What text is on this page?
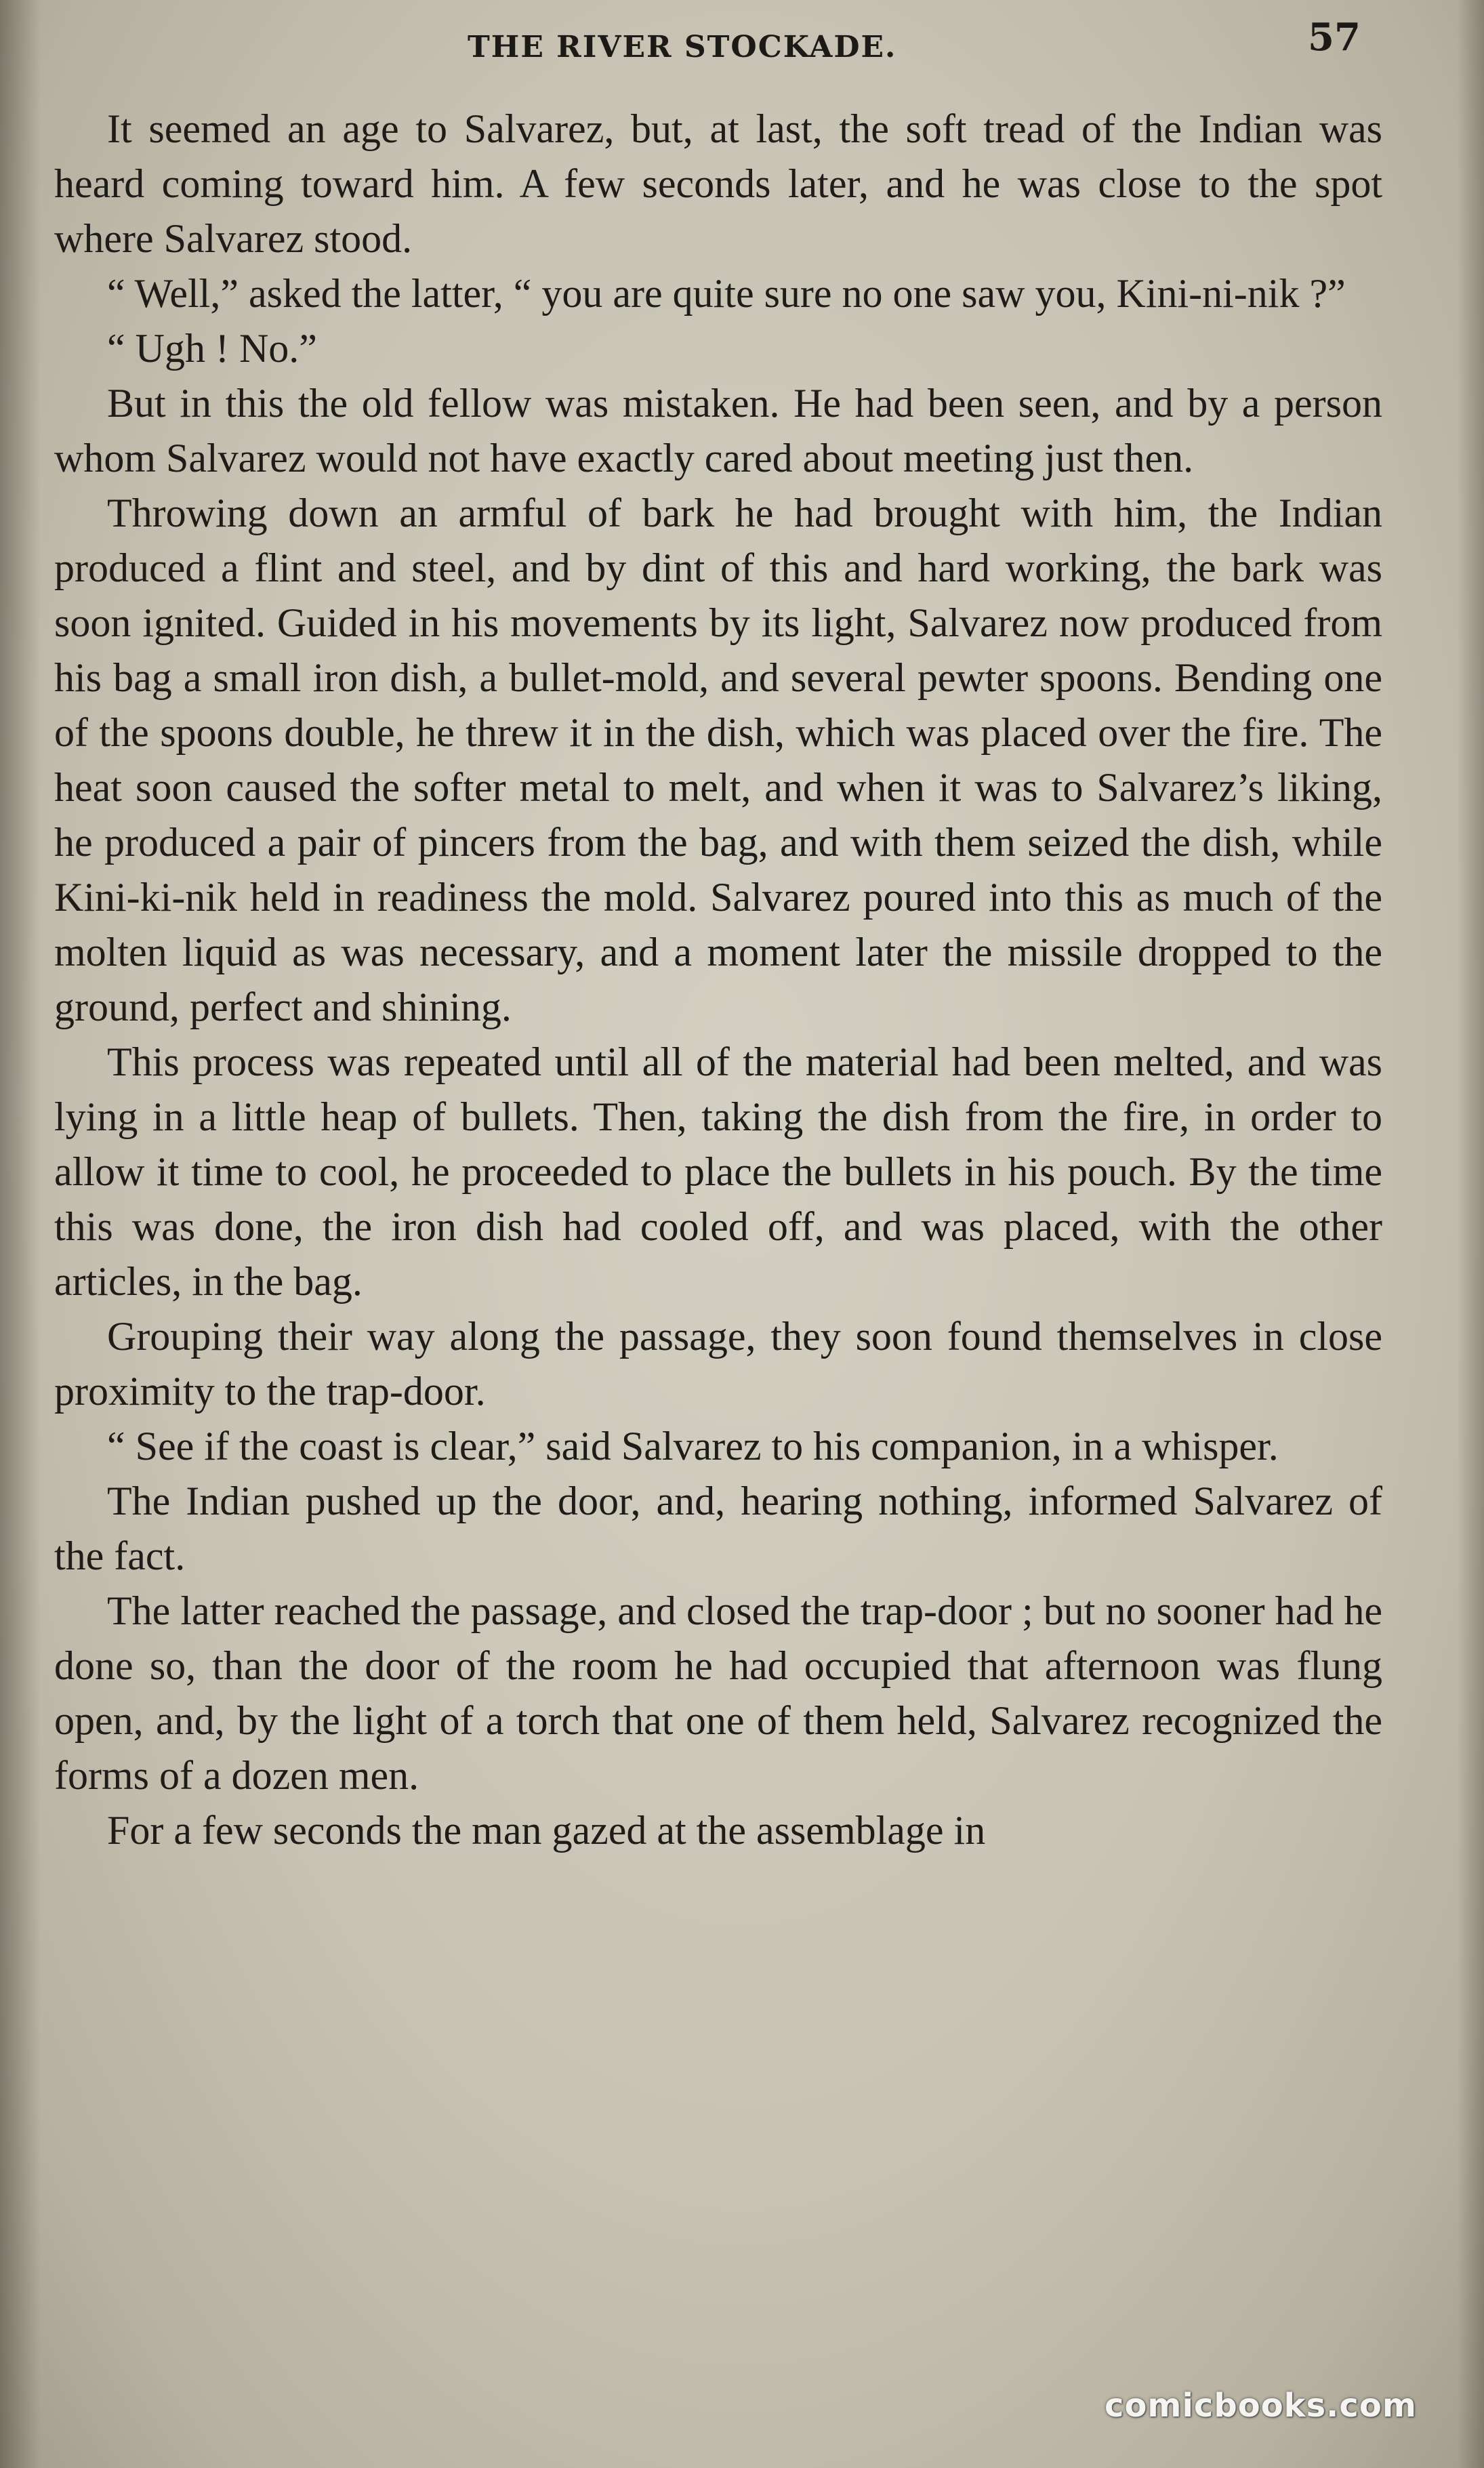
THE RIVER STOCKADE.	57

It seemed an age to Salvarez, but, at last, the soft tread of the Indian was heard coming toward him. A few seconds later, and he was close to the spot where Salvarez stood.

“ Well,” asked the latter, “ you are quite sure no one saw you, Kini-ni-nik ?”

“ Ugh ! No.”

But in this the old fellow was mistaken. He had been seen, and by a person whom Salvarez would not have exactly cared about meeting just then.

Throwing down an armful of bark he had brought with him, the Indian produced a flint and steel, and by dint of this and hard working, the bark was soon ignited. Guided in his movements by its light, Salvarez now produced from his bag a small iron dish, a bullet-mold, and several pewter spoons. Bending one of the spoons double, he threw it in the dish, which was placed over the fire. The heat soon caused the softer metal to melt, and when it was to Salvarez’s liking, he produced a pair of pincers from the bag, and with them seized the dish, while Kini-ki-nik held in readiness the mold. Salvarez poured into this as much of the molten liquid as was necessary, and a moment later the missile dropped to the ground, perfect and shining.

This process was repeated until all of the material had been melted, and was lying in a little heap of bullets. Then, taking the dish from the fire, in order to allow it time to cool, he proceeded to place the bullets in his pouch. By the time this was done, the iron dish had cooled off, and was placed, with the other articles, in the bag.

Grouping their way along the passage, they soon found themselves in close proximity to the trap-door.

“ See if the coast is clear,” said Salvarez to his companion, in a whisper.

The Indian pushed up the door, and, hearing nothing, informed Salvarez of the fact.

The latter reached the passage, and closed the trap-door ; but no sooner had he done so, than the door of the room he had occupied that afternoon was flung open, and, by the light of a torch that one of them held, Salvarez recognized the forms of a dozen men.

For a few seconds the man gazed at the assemblage in

comicbooks.com
